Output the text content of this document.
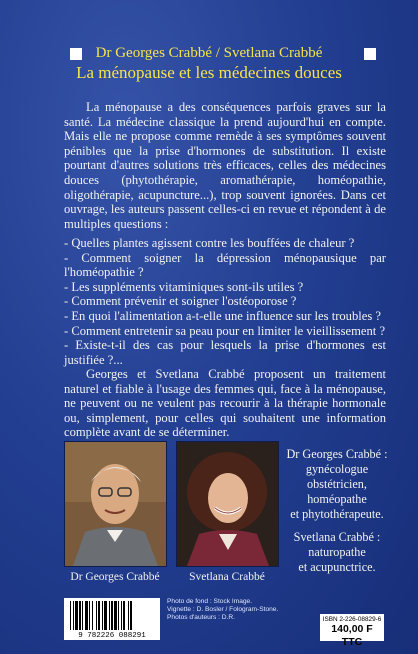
Dr Georges Crabbé / Svetlana Crabbé
La ménopause et les médecines douces

La ménopause a des conséquences parfois graves sur la santé. La médecine classique la prend aujourd'hui en compte. Mais elle ne propose comme remède à ses symptômes souvent pénibles que la prise d'hormones de substitution. Il existe pourtant d'autres solutions très efficaces, celles des médecines douces (phytothérapie, aromathérapie, homéopathie, oligothérapie, acupuncture...), trop souvent ignorées. Dans cet ouvrage, les auteurs passent celles-ci en revue et répondent à de multiples questions :

- Quelles plantes agissent contre les bouffées de chaleur ?
- Comment soigner la dépression ménopausique par l'homéopathie ?
- Les suppléments vitaminiques sont-ils utiles ?
- Comment prévenir et soigner l'ostéoporose ?
- En quoi l'alimentation a-t-elle une influence sur les troubles ?
- Comment entretenir sa peau pour en limiter le vieillissement ?
- Existe-t-il des cas pour lesquels la prise d'hormones est justifiée ?...

Georges et Svetlana Crabbé proposent un traitement naturel et fiable à l'usage des femmes qui, face à la ménopause, ne peuvent ou ne veulent pas recourir à la thérapie hormonale ou, simplement, pour celles qui souhaitent une information complète avant de se déterminer.

Dr Georges Crabbé	Svetlana Crabbé
Dr Georges Crabbé :
gynécologue
obstétricien,
homéopathe
et phytothérapeute.
Svetlana Crabbé :
naturopathe
et acupunctrice.
9 782226 088291
Photo de fond : Stock Image.
Vignette : D. Bosler / Fologram-Stone.
Photos d'auteurs : D.R.	ISBN 2-226-08829-6
140,00 F TTC
